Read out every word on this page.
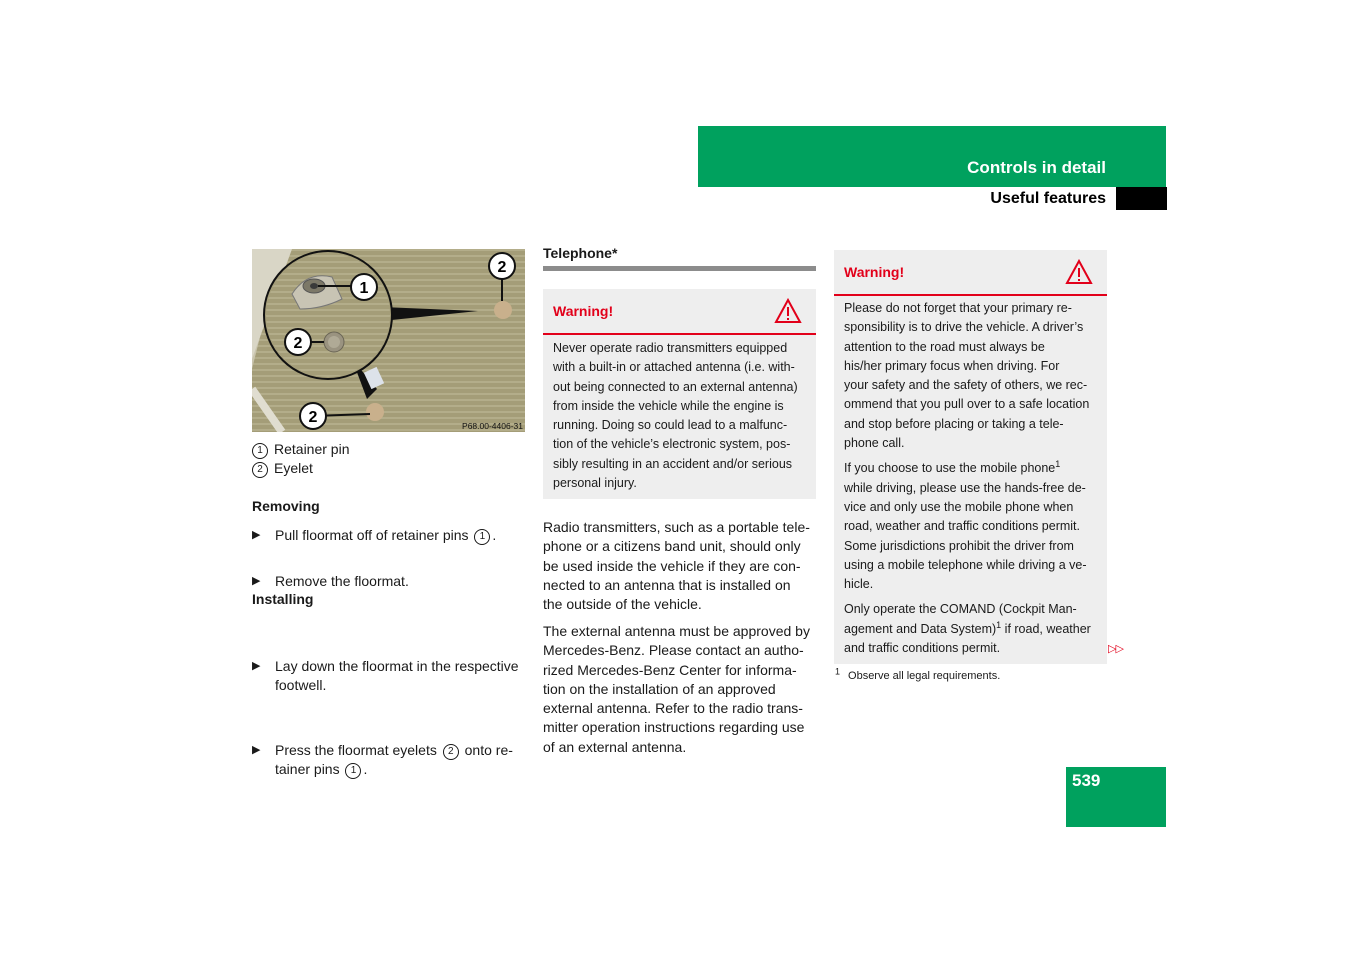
Controls in detail
Useful features
1
2
2
2	P68.00-4406-31
1 Retainer pin
2 Eyelet
Removing
▶ Pull floormat off of retainer pins 1 .
▶ Remove the floormat.
Installing
▶ Lay down the floormat in the respective
footwell.
▶ Press the floormat eyelets 2 onto re-
tainer pins 1 .
Telephone*
Warning!
Never operate radio transmitters equipped
with a built-in or attached antenna (i.e. with-
out being connected to an external antenna)
from inside the vehicle while the engine is
running. Doing so could lead to a malfunc-
tion of the vehicle’s electronic system, pos-
sibly resulting in an accident and/or serious
personal injury.
Radio transmitters, such as a portable tele-
phone or a citizens band unit, should only
be used inside the vehicle if they are con-
nected to an antenna that is installed on
the outside of the vehicle.
The external antenna must be approved by
Mercedes-Benz. Please contact an autho-
rized Mercedes-Benz Center for informa-
tion on the installation of an approved
external antenna. Refer to the radio trans-
mitter operation instructions regarding use
of an external antenna.
Warning!
Please do not forget that your primary re-
sponsibility is to drive the vehicle. A driver’s
attention to the road must always be
his/her primary focus when driving. For
your safety and the safety of others, we rec-
ommend that you pull over to a safe location
and stop before placing or taking a tele-
phone call.
If you choose to use the mobile phone$^1$
while driving, please use the hands-free de-
vice and only use the mobile phone when
road, weather and traffic conditions permit.
Some jurisdictions prohibit the driver from
using a mobile telephone while driving a ve-
hicle.
Only operate the COMAND (Cockpit Man-
agement and Data System)$^1$ if road, weather
and traffic conditions permit.	▷▷
$^1$ Observe all legal requirements.
539
